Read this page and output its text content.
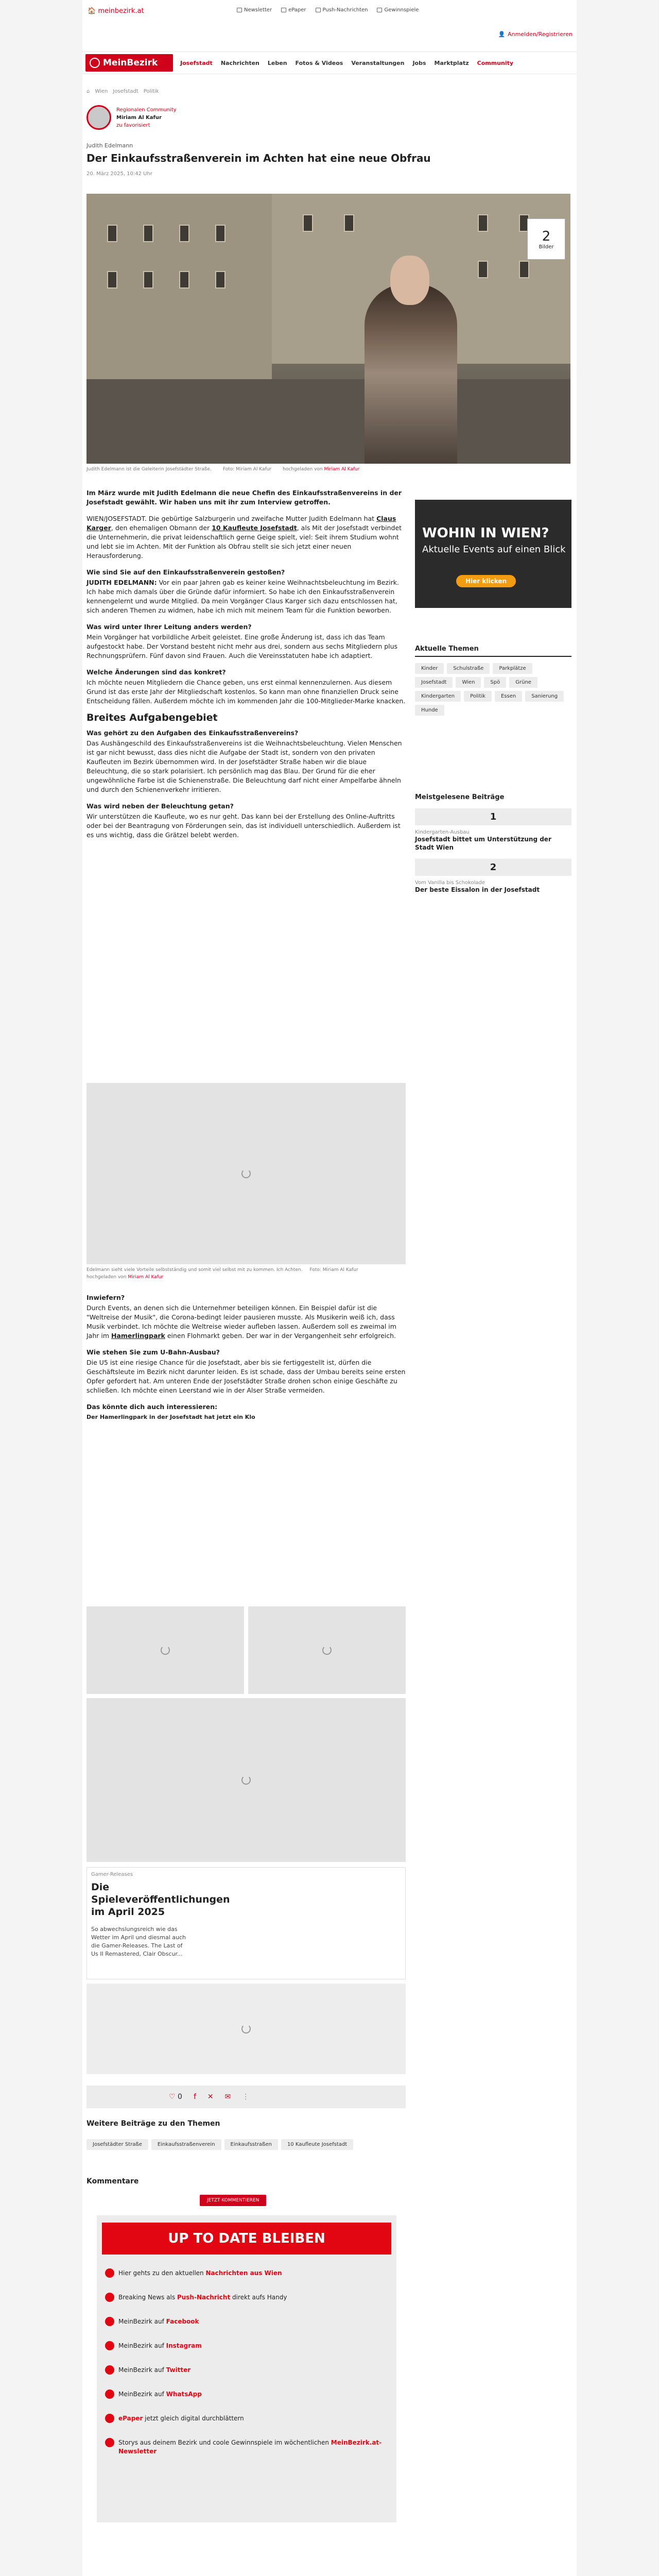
🏠 meinbezirk.at	Newsletter	ePaper	Push-Nachrichten	Gewinnspiele
👤 Anmelden/Registrieren
MeinBezirk	Josefstadt Nachrichten Leben Fotos & Videos Veranstaltungen Jobs Marktplatz Community
⌂ Wien Josefstadt Politik
Regionalen Community
Miriam Al Kafur
zu favorisiert
Judith Edelmann
Der Einkaufsstraßenverein im Achten hat eine neue Obfrau
20. März 2025, 10:42 Uhr
2
Bilder
Judith Edelmann ist die Geleiterin Josefstädter Straße. Foto: Miriam Al Kafur hochgeladen von Miriam Al Kafur

Im März wurde mit Judith Edelmann die neue Chefin des Einkaufsstraßenvereins in der Josefstadt gewählt. Wir haben uns mit ihr zum Interview getroffen.

WIEN/JOSEFSTADT. Die gebürtige Salzburgerin und zweifache Mutter Judith Edelmann hat Claus Karger, den ehemaligen Obmann der 10 Kaufleute Josefstadt, als Mit der Josefstadt verbindet die Unternehmerin, die privat leidenschaftlich gerne Geige spielt, viel: Seit ihrem Studium wohnt und lebt sie im Achten. Mit der Funktion als Obfrau stellt sie sich jetzt einer neuen Herausforderung.

Wie sind Sie auf den Einkaufsstraßenverein gestoßen?

JUDITH EDELMANN: Vor ein paar Jahren gab es keiner keine Weihnachtsbeleuchtung im Bezirk. Ich habe mich damals über die Gründe dafür informiert. So habe ich den Einkaufsstraßenverein kennengelernt und wurde Mitglied. Da mein Vorgänger Claus Karger sich dazu entschlossen hat, sich anderen Themen zu widmen, habe ich mich mit meinem Team für die Funktion beworben.

Was wird unter Ihrer Leitung anders werden?

Mein Vorgänger hat vorbildliche Arbeit geleistet. Eine große Änderung ist, dass ich das Team aufgestockt habe. Der Vorstand besteht nicht mehr aus drei, sondern aus sechs Mitgliedern plus Rechnungsprüfern. Fünf davon sind Frauen. Auch die Vereinsstatuten habe ich adaptiert.

Welche Änderungen sind das konkret?

Ich möchte neuen Mitgliedern die Chance geben, uns erst einmal kennenzulernen. Aus diesem Grund ist das erste Jahr der Mitgliedschaft kostenlos. So kann man ohne finanziellen Druck seine Entscheidung fällen. Außerdem möchte ich im kommenden Jahr die 100-Mitglieder-Marke knacken.

Breites Aufgabengebiet
Was gehört zu den Aufgaben des Einkaufsstraßenvereins?

Das Aushängeschild des Einkaufsstraßenvereins ist die Weihnachtsbeleuchtung. Vielen Menschen ist gar nicht bewusst, dass dies nicht die Aufgabe der Stadt ist, sondern von den privaten Kaufleuten im Bezirk übernommen wird. In der Josefstädter Straße haben wir die blaue Beleuchtung, die so stark polarisiert. Ich persönlich mag das Blau. Der Grund für die eher ungewöhnliche Farbe ist die Schienenstraße. Die Beleuchtung darf nicht einer Ampelfarbe ähneln und durch den Schienenverkehr irritieren.

Was wird neben der Beleuchtung getan?

Wir unterstützen die Kaufleute, wo es nur geht. Das kann bei der Erstellung des Online-Auftritts oder bei der Beantragung von Förderungen sein, das ist individuell unterschiedlich. Außerdem ist es uns wichtig, dass die Grätzel belebt werden.

Edelmann sieht viele Vorteile selbstständig und somit viel selbst mit zu kommen. Ich Achten. Foto: Miriam Al Kafur
hochgeladen von Miriam Al Kafur
Inwiefern?

Durch Events, an denen sich die Unternehmer beteiligen können. Ein Beispiel dafür ist die "Weltreise der Musik", die Corona-bedingt leider pausieren musste. Als Musikerin weiß ich, dass Musik verbindet. Ich möchte die Weltreise wieder aufleben lassen. Außerdem soll es zweimal im Jahr im Hamerlingpark einen Flohmarkt geben. Der war in der Vergangenheit sehr erfolgreich.

Wie stehen Sie zum U-Bahn-Ausbau?

Die U5 ist eine riesige Chance für die Josefstadt, aber bis sie fertiggestellt ist, dürfen die Geschäftsleute im Bezirk nicht darunter leiden. Es ist schade, dass der Umbau bereits seine ersten Opfer gefordert hat. Am unteren Ende der Josefstädter Straße drohen schon einige Geschäfte zu schließen. Ich möchte einen Leerstand wie in der Alser Straße vermeiden.

Das könnte dich auch interessieren:

Der Hamerlingpark in der Josefstadt hat jetzt ein Klo

Gamer-Releases
Die Spieleveröffentlichungen im April 2025
So abwechslungsreich wie das Wetter im April und diesmal auch die Gamer-Releases. The Last of Us II Remastered, Clair Obscur...
♡ 0 f ✕ ✉ ⋮
Weitere Beiträge zu den Themen
Josefstädter Straße	Einkaufsstraßenverein	Einkaufsstraßen	10 Kaufleute Josefstadt
Kommentare
JETZT KOMMENTIEREN
UP TO DATE BLEIBEN
Hier gehts zu den aktuellen Nachrichten aus Wien
Breaking News als Push-Nachricht direkt aufs Handy
MeinBezirk auf Facebook
MeinBezirk auf Instagram
MeinBezirk auf Twitter
MeinBezirk auf WhatsApp
ePaper jetzt gleich digital durchblättern
Storys aus deinem Bezirk und coole Gewinnspiele im wöchentlichen MeinBezirk.at-Newsletter
WOHIN IN WIEN?
Aktuelle Events auf einen Blick
Hier klicken
Aktuelle Themen
Kinder	Schulstraße	Parkplätze
Josefstadt	Wien	Spö	Grüne
Kindergarten	Politik	Essen	Sanierung
Hunde
Meistgelesene Beiträge
1
Kindergarten-Ausbau
Josefstadt bittet um Unterstützung der Stadt Wien
2
Vom Vanilla bis Schokolade
Der beste Eissalon in der Josefstadt
